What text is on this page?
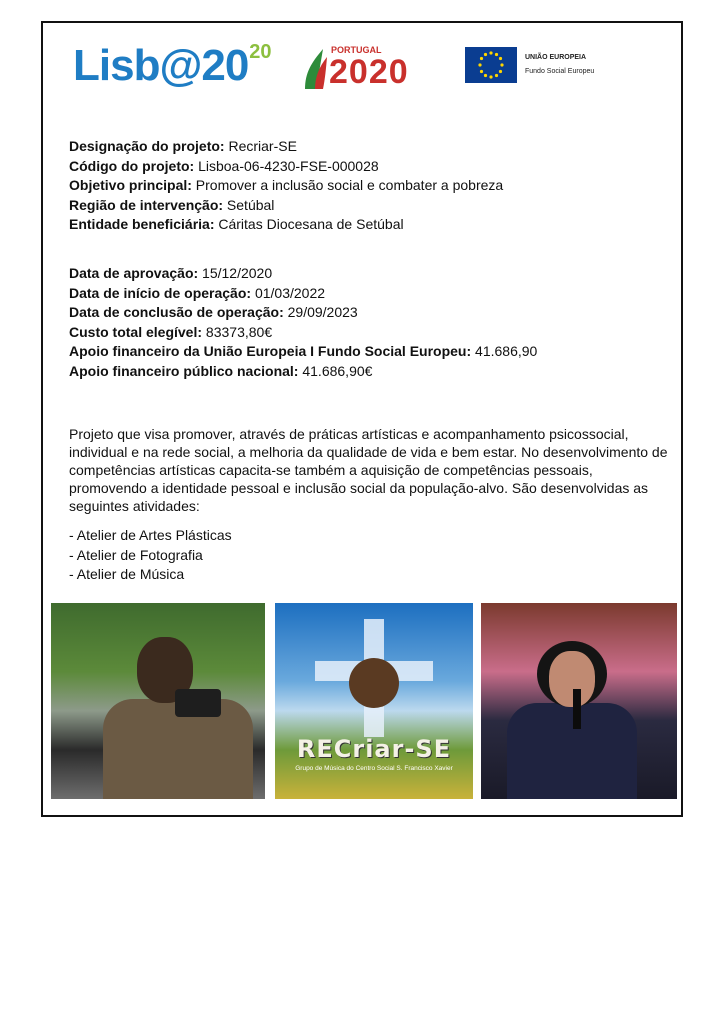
Lisb@2020	PORTUGAL
2020	UNIÃO EUROPEIA
Fundo Social Europeu

Designação do projeto: Recriar-SE

Código do projeto: Lisboa-06-4230-FSE-000028

Objetivo principal: Promover a inclusão social e combater a pobreza

Região de intervenção: Setúbal

Entidade beneficiária: Cáritas Diocesana de Setúbal

Data de aprovação: 15/12/2020

Data de início de operação: 01/03/2022

Data de conclusão de operação: 29/09/2023

Custo total elegível: 83373,80€

Apoio financeiro da União Europeia I Fundo Social Europeu: 41.686,90

Apoio financeiro público nacional: 41.686,90€

Projeto que visa promover, através de práticas artísticas e acompanhamento psicossocial, individual e na rede social, a melhoria da qualidade de vida e bem estar. No desenvolvimento de competências artísticas capacita-se também a aquisição de competências pessoais, promovendo a identidade pessoal e inclusão social da população-alvo. São desenvolvidas as seguintes atividades:
- Atelier de Artes Plásticas
- Atelier de Fotografia
- Atelier de Música
RECriar-SE
Grupo de Música do Centro Social S. Francisco Xavier
